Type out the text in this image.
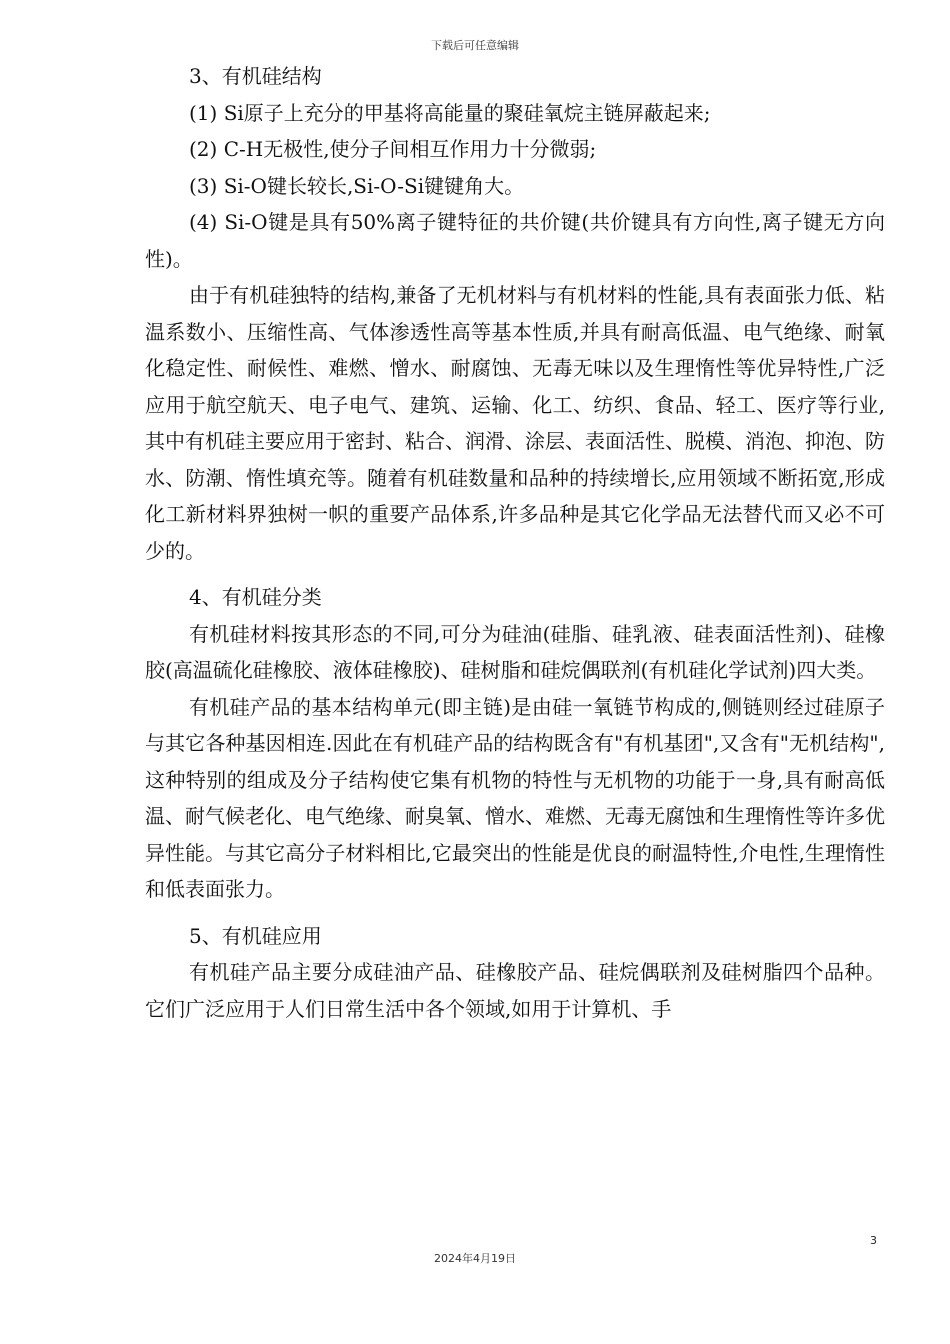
下载后可任意编辑

3、有机硅结构

(1) Si原子上充分的甲基将高能量的聚硅氧烷主链屏蔽起来;

(2) C-H无极性,使分子间相互作用力十分微弱;

(3) Si-O键长较长,Si-O-Si键键角大。

(4) Si-O键是具有50%离子键特征的共价键(共价键具有方向性,离子键无方向性)。

由于有机硅独特的结构,兼备了无机材料与有机材料的性能,具有表面张力低、粘温系数小、压缩性高、气体渗透性高等基本性质,并具有耐高低温、电气绝缘、耐氧化稳定性、耐候性、难燃、憎水、耐腐蚀、无毒无味以及生理惰性等优异特性,广泛应用于航空航天、电子电气、建筑、运输、化工、纺织、食品、轻工、医疗等行业,其中有机硅主要应用于密封、粘合、润滑、涂层、表面活性、脱模、消泡、抑泡、防水、防潮、惰性填充等。随着有机硅数量和品种的持续增长,应用领域不断拓宽,形成化工新材料界独树一帜的重要产品体系,许多品种是其它化学品无法替代而又必不可少的。

4、有机硅分类

有机硅材料按其形态的不同,可分为硅油(硅脂、硅乳液、硅表面活性剂)、硅橡胶(高温硫化硅橡胶、液体硅橡胶)、硅树脂和硅烷偶联剂(有机硅化学试剂)四大类。

有机硅产品的基本结构单元(即主链)是由硅一氧链节构成的,侧链则经过硅原子与其它各种基因相连.因此在有机硅产品的结构既含有"有机基团",又含有"无机结构",这种特别的组成及分子结构使它集有机物的特性与无机物的功能于一身,具有耐高低温、耐气候老化、电气绝缘、耐臭氧、憎水、难燃、无毒无腐蚀和生理惰性等许多优异性能。与其它高分子材料相比,它最突出的性能是优良的耐温特性,介电性,生理惰性和低表面张力。

5、有机硅应用

有机硅产品主要分成硅油产品、硅橡胶产品、硅烷偶联剂及硅树脂四个品种。它们广泛应用于人们日常生活中各个领域,如用于计算机、手

3
2024年4月19日
